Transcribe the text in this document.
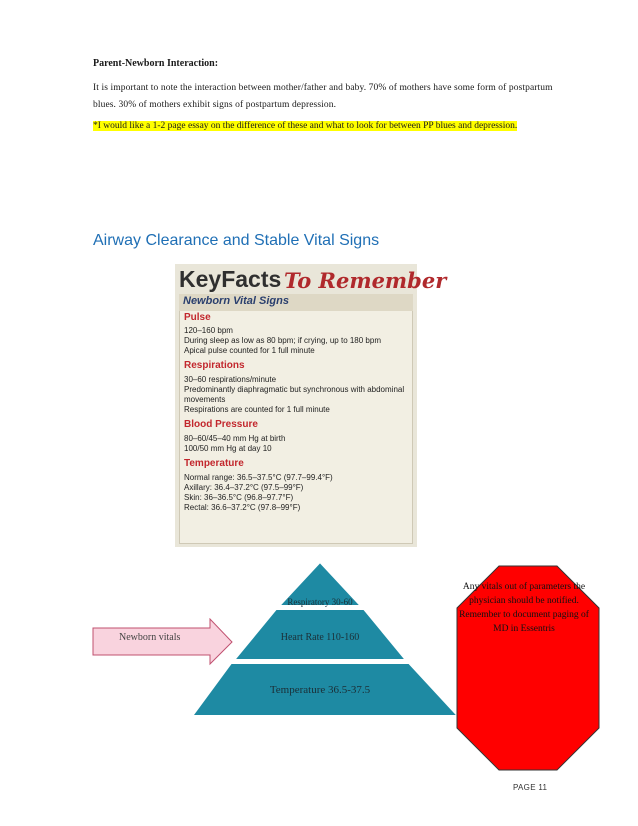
Parent-Newborn Interaction:
It is important to note the interaction between mother/father and baby. 70% of mothers have some form of postpartum blues. 30% of mothers exhibit signs of postpartum depression.
*I would like a 1-2 page essay on the difference of these and what to look for between PP blues and depression.
Airway Clearance and Stable Vital Signs
KeyFacts To Remember
Newborn Vital Signs
Pulse
120–160 bpm
During sleep as low as 80 bpm; if crying, up to 180 bpm
Apical pulse counted for 1 full minute
Respirations
30–60 respirations/minute
Predominantly diaphragmatic but synchronous with abdominal
movements
Respirations are counted for 1 full minute
Blood Pressure
80–60/45–40 mm Hg at birth
100/50 mm Hg at day 10
Temperature
Normal range: 36.5–37.5°C (97.7–99.4°F)
Axillary: 36.4–37.2°C (97.5–99°F)
Skin: 36–36.5°C (96.8–97.7°F)
Rectal: 36.6–37.2°C (97.8–99°F)
Respiratory 30-60
Heart Rate 110-160
Temperature 36.5-37.5
Newborn vitals
Any vitals out of parameters the physician should be notified. Remember to document paging of MD in Essentris
PAGE 11
